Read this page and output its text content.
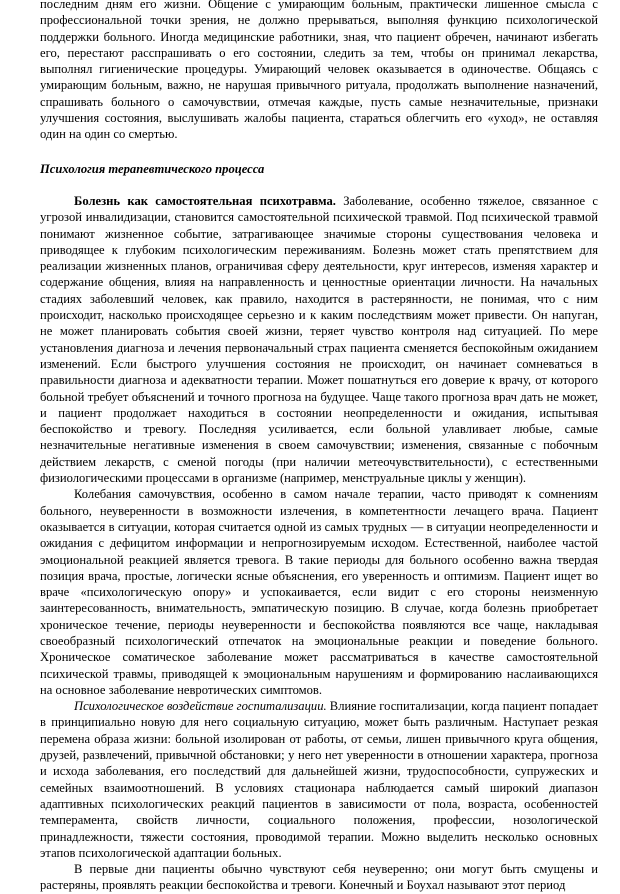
последним дням его жизни. Общение с умирающим больным, практически лишенное смысла с профессиональной точки зрения, не должно прерываться, выполняя функцию психологической поддержки больного. Иногда медицинские работники, зная, что пациент обречен, начинают избегать его, перестают расспрашивать о его состоянии, следить за тем, чтобы он принимал лекарства, выполнял гигиенические процедуры. Умирающий человек оказывается в одиночестве. Общаясь с умирающим больным, важно, не нарушая привычного ритуала, продолжать выполнение назначений, спрашивать больного о самочувствии, отмечая каждые, пусть самые незначительные, признаки улучшения состояния, выслушивать жалобы пациента, стараться облегчить его «уход», не оставляя один на один со смертью.

Психология терапевтического процесса

Болезнь как самостоятельная психотравма. Заболевание, особенно тяжелое, связанное с угрозой инвалидизации, становится самостоятельной психической травмой. Под психической травмой понимают жизненное событие, затрагивающее значимые стороны существования человека и приводящее к глубоким психологическим переживаниям. Болезнь может стать препятствием для реализации жизненных планов, ограничивая сферу деятельности, круг интересов, изменяя характер и содержание общения, влияя на направленность и ценностные ориентации личности. На начальных стадиях заболевший человек, как правило, находится в растерянности, не понимая, что с ним происходит, насколько происходящее серьезно и к каким последствиям может привести. Он напуган, не может планировать события своей жизни, теряет чувство контроля над ситуацией. По мере установления диагноза и лечения первоначальный страх пациента сменяется беспокойным ожиданием изменений. Если быстрого улучшения состояния не происходит, он начинает сомневаться в правильности диагноза и адекватности терапии. Может пошатнуться его доверие к врачу, от которого больной требует объяснений и точного прогноза на будущее. Чаще такого прогноза врач дать не может, и пациент продолжает находиться в состоянии неопределенности и ожидания, испытывая беспокойство и тревогу. Последняя усиливается, если больной улавливает любые, самые незначительные негативные изменения в своем самочувствии; изменения, связанные с побочным действием лекарств, с сменой погоды (при наличии метеочувствительности), с естественными физиологическими процессами в организме (например, менструальные циклы у женщин).

Колебания самочувствия, особенно в самом начале терапии, часто приводят к сомнениям больного, неуверенности в возможности излечения, в компетентности лечащего врача. Пациент оказывается в ситуации, которая считается одной из самых трудных — в ситуации неопределенности и ожидания с дефицитом информации и непрогнозируемым исходом. Естественной, наиболее частой эмоциональной реакцией является тревога. В такие периоды для больного особенно важна твердая позиция врача, простые, логически ясные объяснения, его уверенность и оптимизм. Пациент ищет во враче «психологическую опору» и успокаивается, если видит с его стороны неизменную заинтересованность, внимательность, эмпатическую позицию. В случае, когда болезнь приобретает хроническое течение, периоды неуверенности и беспокойства появляются все чаще, накладывая своеобразный психологический отпечаток на эмоциональные реакции и поведение больного. Хроническое соматическое заболевание может рассматриваться в качестве самостоятельной психической травмы, приводящей к эмоциональным нарушениям и формированию наслаивающихся на основное заболевание невротических симптомов.

Психологическое воздействие госпитализации. Влияние госпитализации, когда пациент попадает в принципиально новую для него социальную ситуацию, может быть различным. Наступает резкая перемена образа жизни: больной изолирован от работы, от семьи, лишен привычного круга общения, друзей, развлечений, привычной обстановки; у него нет уверенности в отношении характера, прогноза и исхода заболевания, его последствий для дальнейшей жизни, трудоспособности, супружеских и семейных взаимоотношений. В условиях стационара наблюдается самый широкий диапазон адаптивных психологических реакций пациентов в зависимости от пола, возраста, особенностей темперамента, свойств личности, социального положения, профессии, нозологической принадлежности, тяжести состояния, проводимой терапии. Можно выделить несколько основных этапов психологической адаптации больных.

В первые дни пациенты обычно чувствуют себя неуверенно; они могут быть смущены и растеряны, проявлять реакции беспокойства и тревоги. Конечный и Боухал называют этот период
